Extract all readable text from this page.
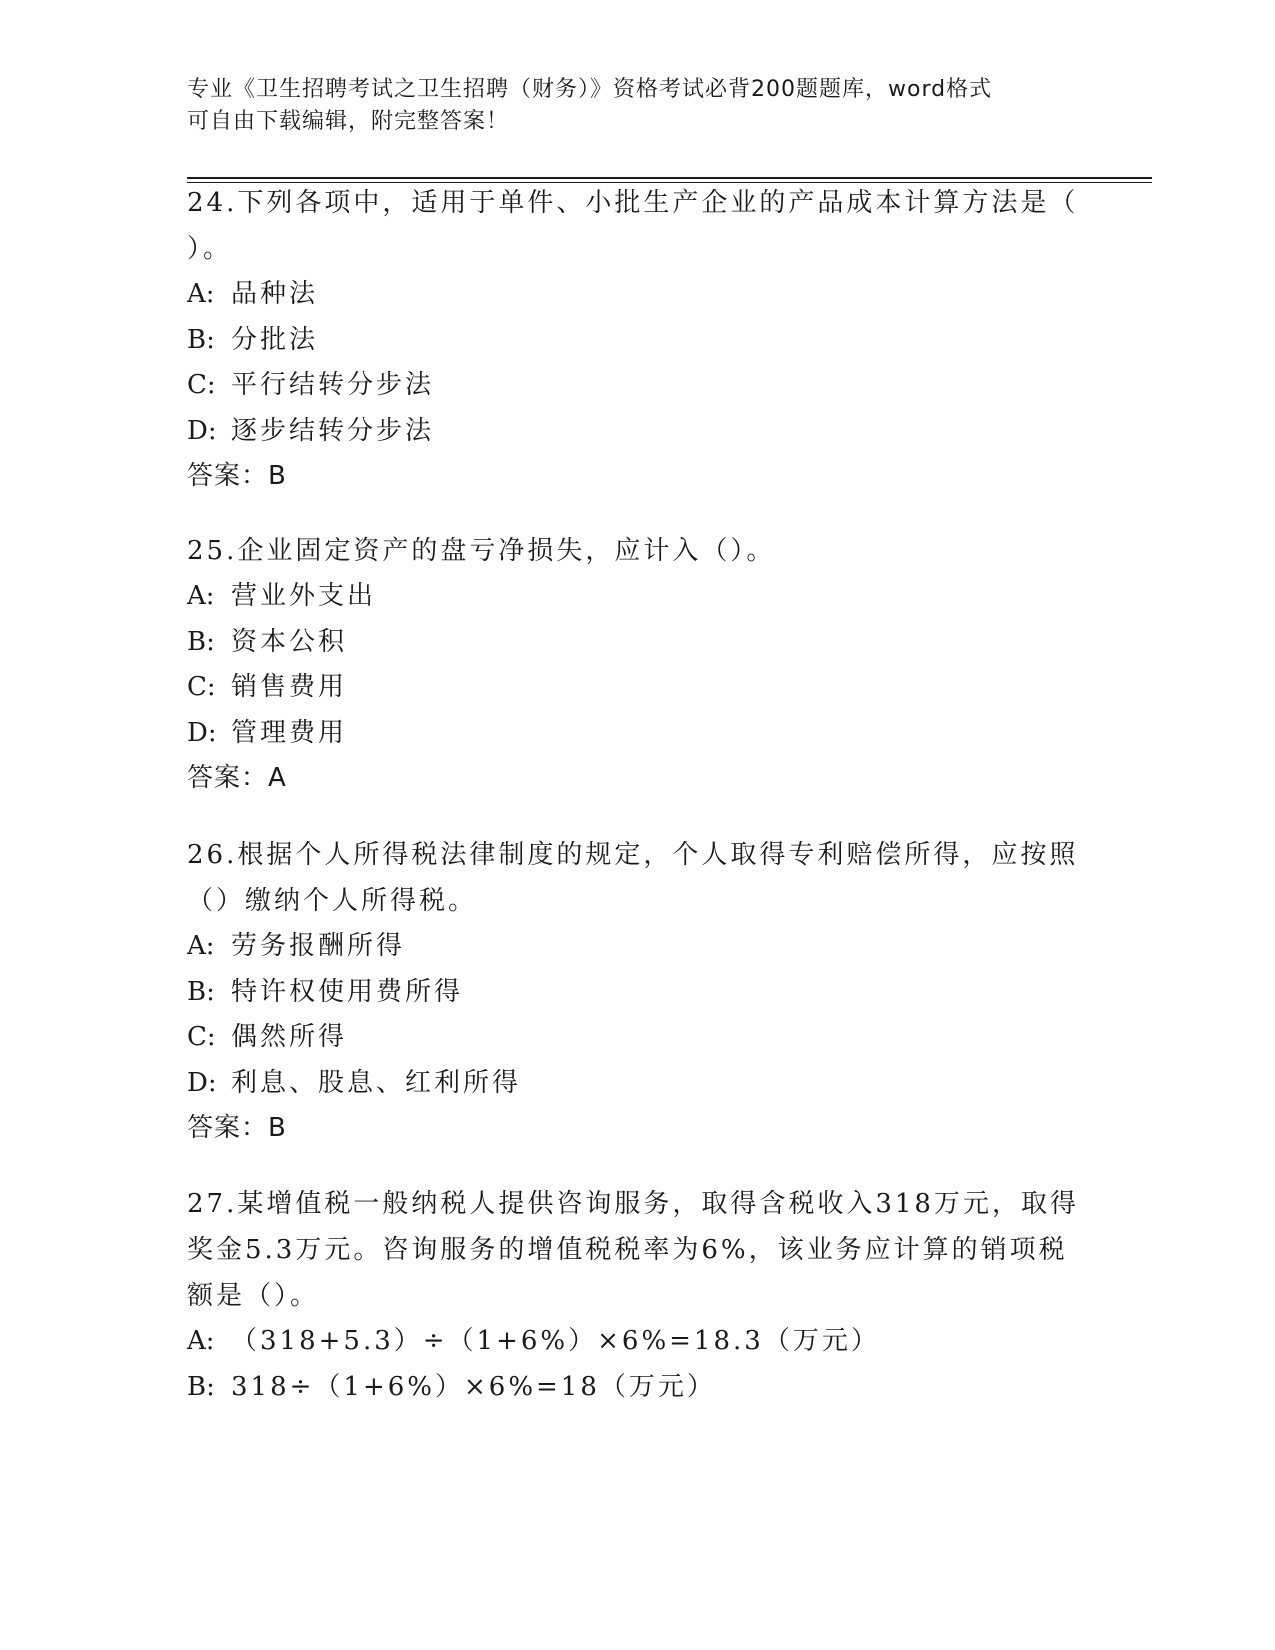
专业《卫生招聘考试之卫生招聘（财务）》资格考试必背200题题库，word格式
可自由下载编辑，附完整答案！
24.下列各项中，适用于单件、小批生产企业的产品成本计算方法是（
）。
A: 品种法
B: 分批法
C: 平行结转分步法
D: 逐步结转分步法
答案：B
25.企业固定资产的盘亏净损失，应计入（）。
A: 营业外支出
B: 资本公积
C: 销售费用
D: 管理费用
答案：A
26.根据个人所得税法律制度的规定，个人取得专利赔偿所得，应按照
（）缴纳个人所得税。
A: 劳务报酬所得
B: 特许权使用费所得
C: 偶然所得
D: 利息、股息、红利所得
答案：B
27.某增值税一般纳税人提供咨询服务，取得含税收入318万元，取得
奖金5.3万元。咨询服务的增值税税率为6%，该业务应计算的销项税
额是（）。
A: （318+5.3）÷（1+6%）×6%=18.3（万元）
B: 318÷（1+6%）×6%=18（万元）
